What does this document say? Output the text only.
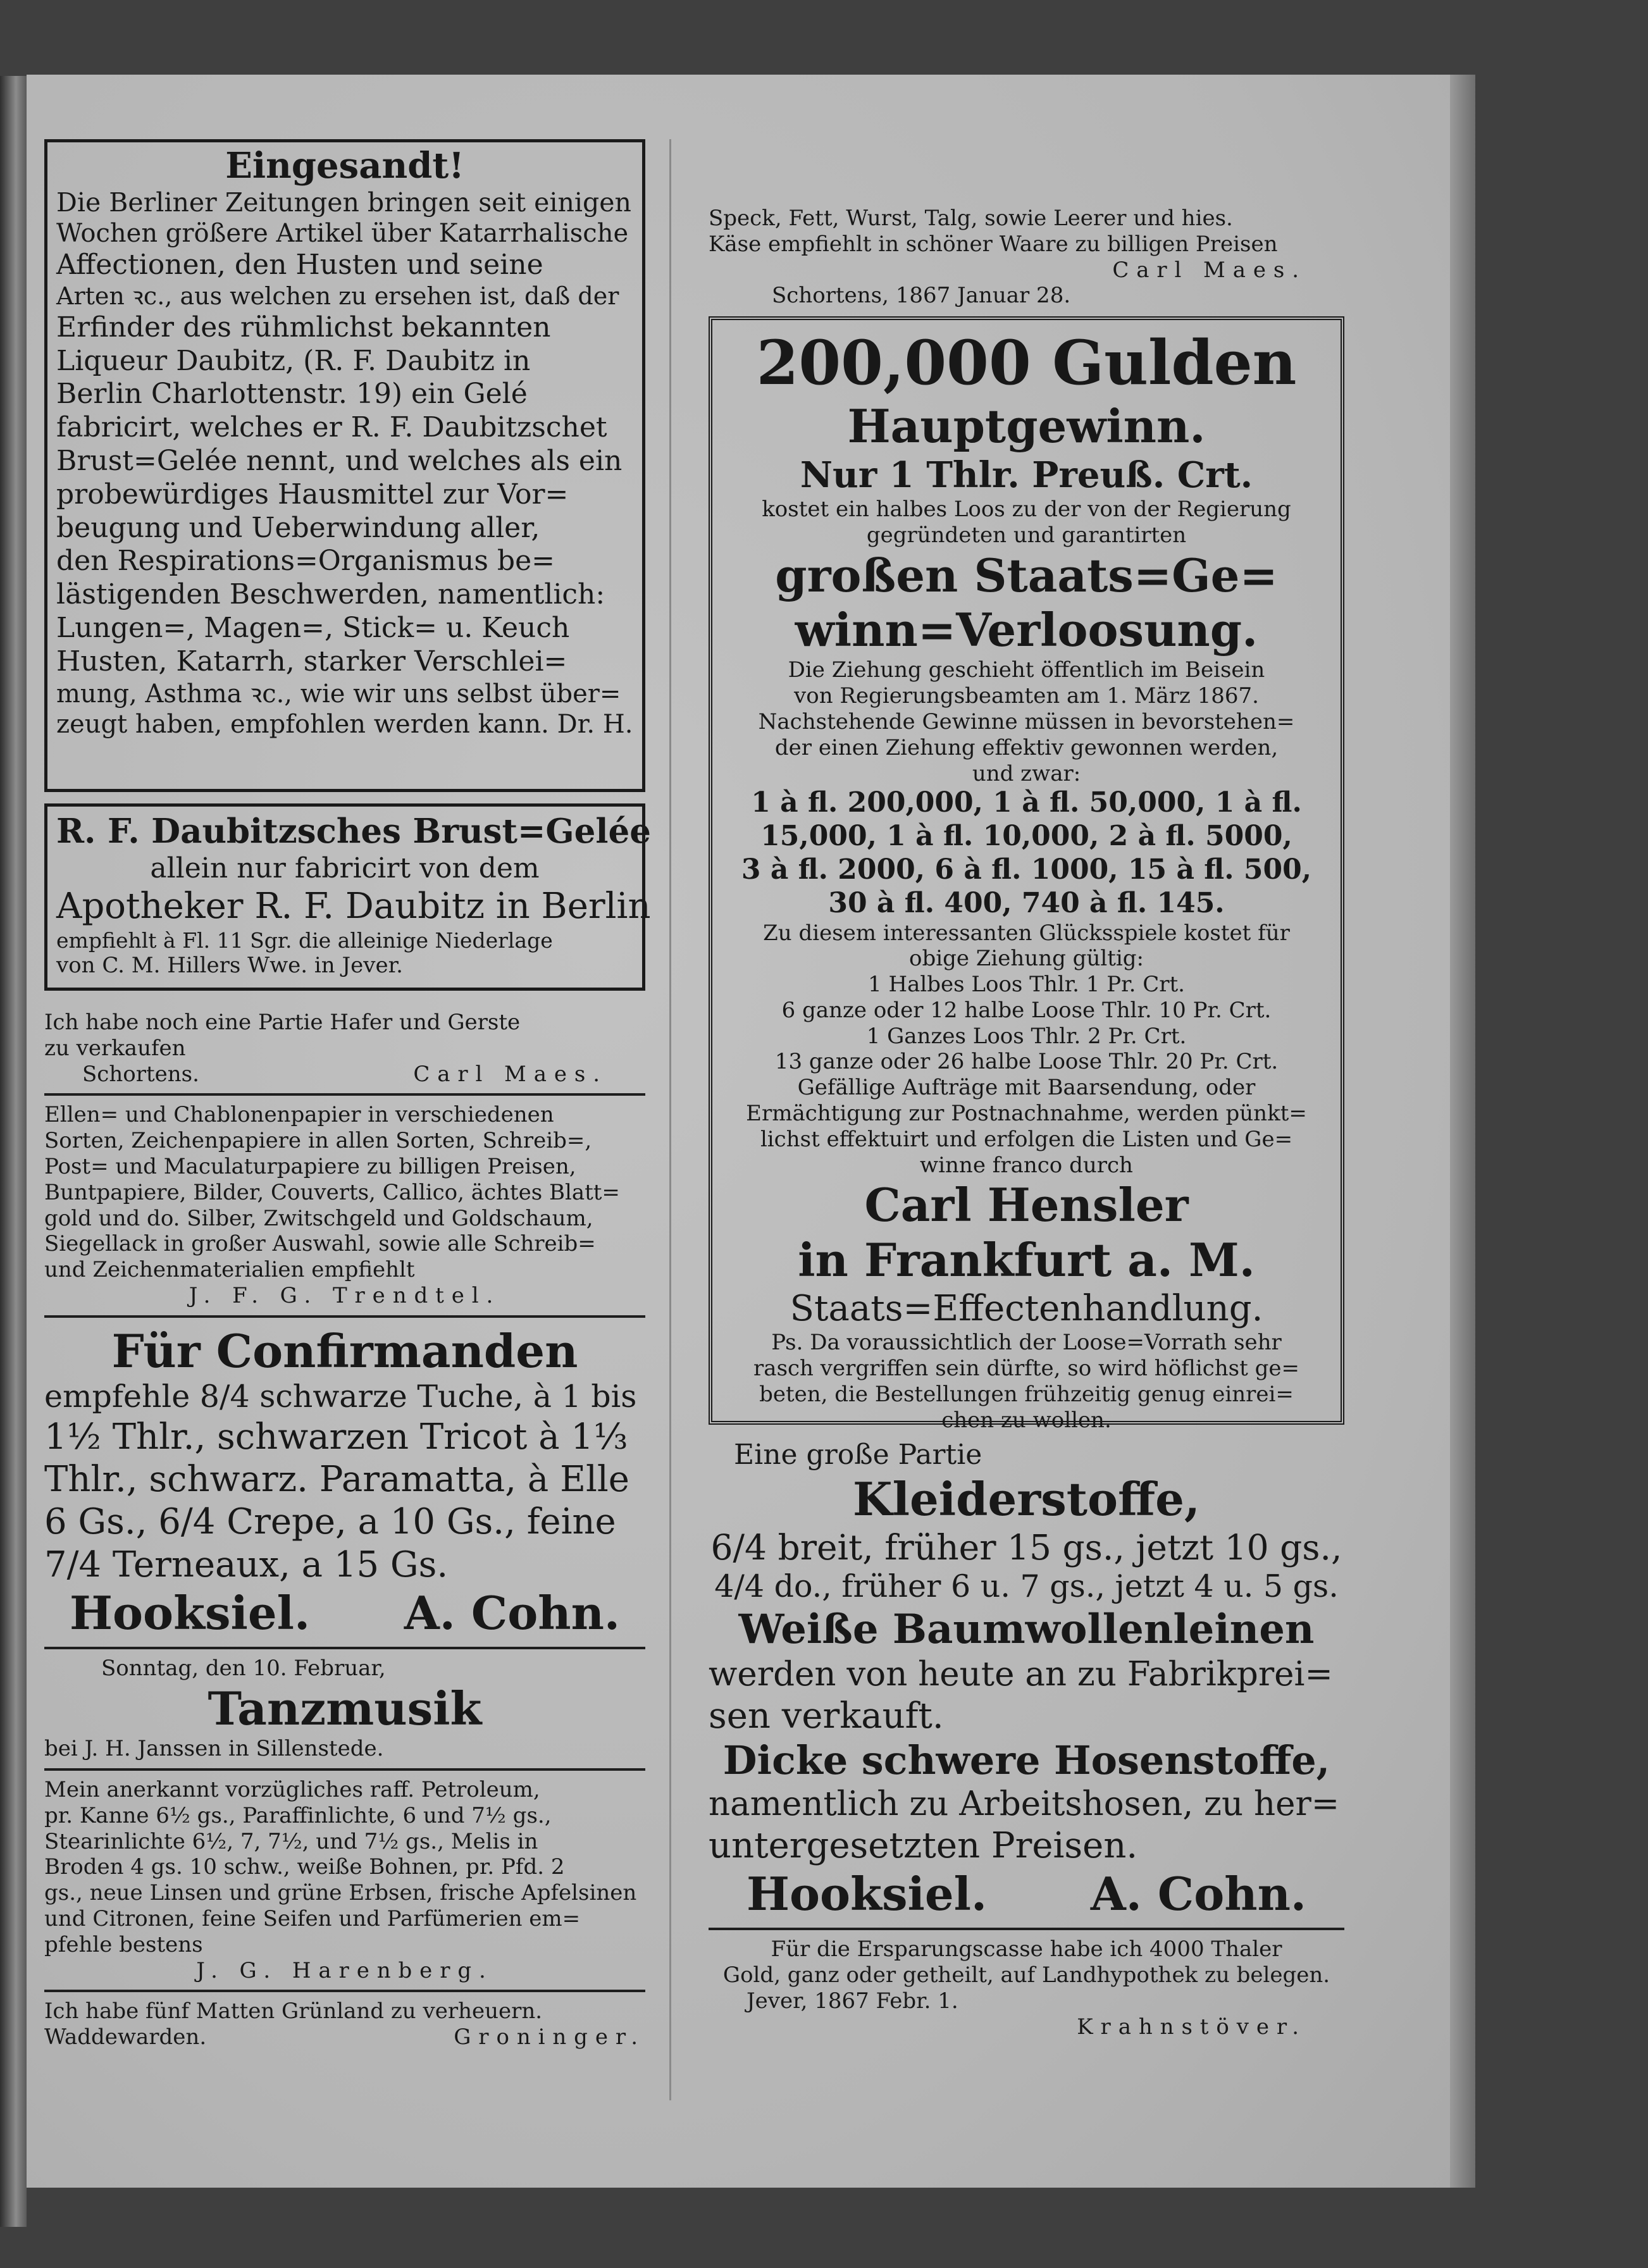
Eingesandt!
Die Berliner Zeitungen bringen seit einigen
Wochen größere Artikel über Katarrhalische
Affectionen, den Husten und seine
Arten ꝛc., aus welchen zu ersehen ist, daß der
Erfinder des rühmlichst bekannten
Liqueur Daubitz, (R. F. Daubitz in
Berlin Charlottenstr. 19) ein Gelé
fabricirt, welches er R. F. Daubitzschet
Brust=Gelée nennt, und welches als ein
probewürdiges Hausmittel zur Vor=
beugung und Ueberwindung aller,
den Respirations=Organismus be=
lästigenden Beschwerden, namentlich:
Lungen=, Magen=, Stick= u. Keuch
Husten, Katarrh, starker Verschlei=
mung, Asthma ꝛc., wie wir uns selbst über=
zeugt haben, empfohlen werden kann. Dr. H.
R. F. Daubitzsches Brust=Gelée
allein nur fabricirt von dem
Apotheker R. F. Daubitz in Berlin
empfiehlt à Fl. 11 Sgr. die alleinige Niederlage
von C. M. Hillers Wwe. in Jever.
Ich habe noch eine Partie Hafer und Gerste
zu verkaufen
Schortens.	Carl Maes.
Ellen= und Chablonenpapier in verschiedenen
Sorten, Zeichenpapiere in allen Sorten, Schreib=,
Post= und Maculaturpapiere zu billigen Preisen,
Buntpapiere, Bilder, Couverts, Callico, ächtes Blatt=
gold und do. Silber, Zwitschgeld und Goldschaum,
Siegellack in großer Auswahl, sowie alle Schreib=
und Zeichenmaterialien empfiehlt
J. F. G. Trendtel.
Für Confirmanden
empfehle 8/4 schwarze Tuche, à 1 bis
1½ Thlr., schwarzen Tricot à 1⅓
Thlr., schwarz. Paramatta, à Elle
6 Gs., 6/4 Crepe, a 10 Gs., feine
7/4 Terneaux, a 15 Gs.
Hooksiel. A. Cohn.
Sonntag, den 10. Februar,
Tanzmusik
bei J. H. Janssen in Sillenstede.
Mein anerkannt vorzügliches raff. Petroleum,
pr. Kanne 6½ gs., Paraffinlichte, 6 und 7½ gs.,
Stearinlichte 6½, 7, 7½, und 7½ gs., Melis in
Broden 4 gs. 10 schw., weiße Bohnen, pr. Pfd. 2
gs., neue Linsen und grüne Erbsen, frische Apfelsinen
und Citronen, feine Seifen und Parfümerien em=
pfehle bestens
J. G. Harenberg.
Ich habe fünf Matten Grünland zu verheuern.
Waddewarden.	Groninger.
Speck, Fett, Wurst, Talg, sowie Leerer und hies.
Käse empfiehlt in schöner Waare zu billigen Preisen
Carl Maes.
Schortens, 1867 Januar 28.
200,000 Gulden
Hauptgewinn.
Nur 1 Thlr. Preuß. Crt.
kostet ein halbes Loos zu der von der Regierung
gegründeten und garantirten
großen Staats=Ge=
winn=Verloosung.
Die Ziehung geschieht öffentlich im Beisein
von Regierungsbeamten am 1. März 1867.
Nachstehende Gewinne müssen in bevorstehen=
der einen Ziehung effektiv gewonnen werden,
und zwar:
1 à fl. 200,000, 1 à fl. 50,000, 1 à fl.
15,000, 1 à fl. 10,000, 2 à fl. 5000,
3 à fl. 2000, 6 à fl. 1000, 15 à fl. 500,
30 à fl. 400, 740 à fl. 145.
Zu diesem interessanten Glücksspiele kostet für
obige Ziehung gültig:
1 Halbes Loos Thlr. 1 Pr. Crt.
6 ganze oder 12 halbe Loose Thlr. 10 Pr. Crt.
1 Ganzes Loos Thlr. 2 Pr. Crt.
13 ganze oder 26 halbe Loose Thlr. 20 Pr. Crt.
Gefällige Aufträge mit Baarsendung, oder
Ermächtigung zur Postnachnahme, werden pünkt=
lichst effektuirt und erfolgen die Listen und Ge=
winne franco durch
Carl Hensler
in Frankfurt a. M.
Staats=Effectenhandlung.
Ps. Da voraussichtlich der Loose=Vorrath sehr
rasch vergriffen sein dürfte, so wird höflichst ge=
beten, die Bestellungen frühzeitig genug einrei=
chen zu wollen.
Eine große Partie
Kleiderstoffe,
6/4 breit, früher 15 gs., jetzt 10 gs.,
4/4 do., früher 6 u. 7 gs., jetzt 4 u. 5 gs.
Weiße Baumwollenleinen
werden von heute an zu Fabrikprei=
sen verkauft.
Dicke schwere Hosenstoffe,
namentlich zu Arbeitshosen, zu her=
untergesetzten Preisen.
Hooksiel. A. Cohn.
Für die Ersparungscasse habe ich 4000 Thaler
Gold, ganz oder getheilt, auf Landhypothek zu belegen.
Jever, 1867 Febr. 1.
Krahnstöver.
